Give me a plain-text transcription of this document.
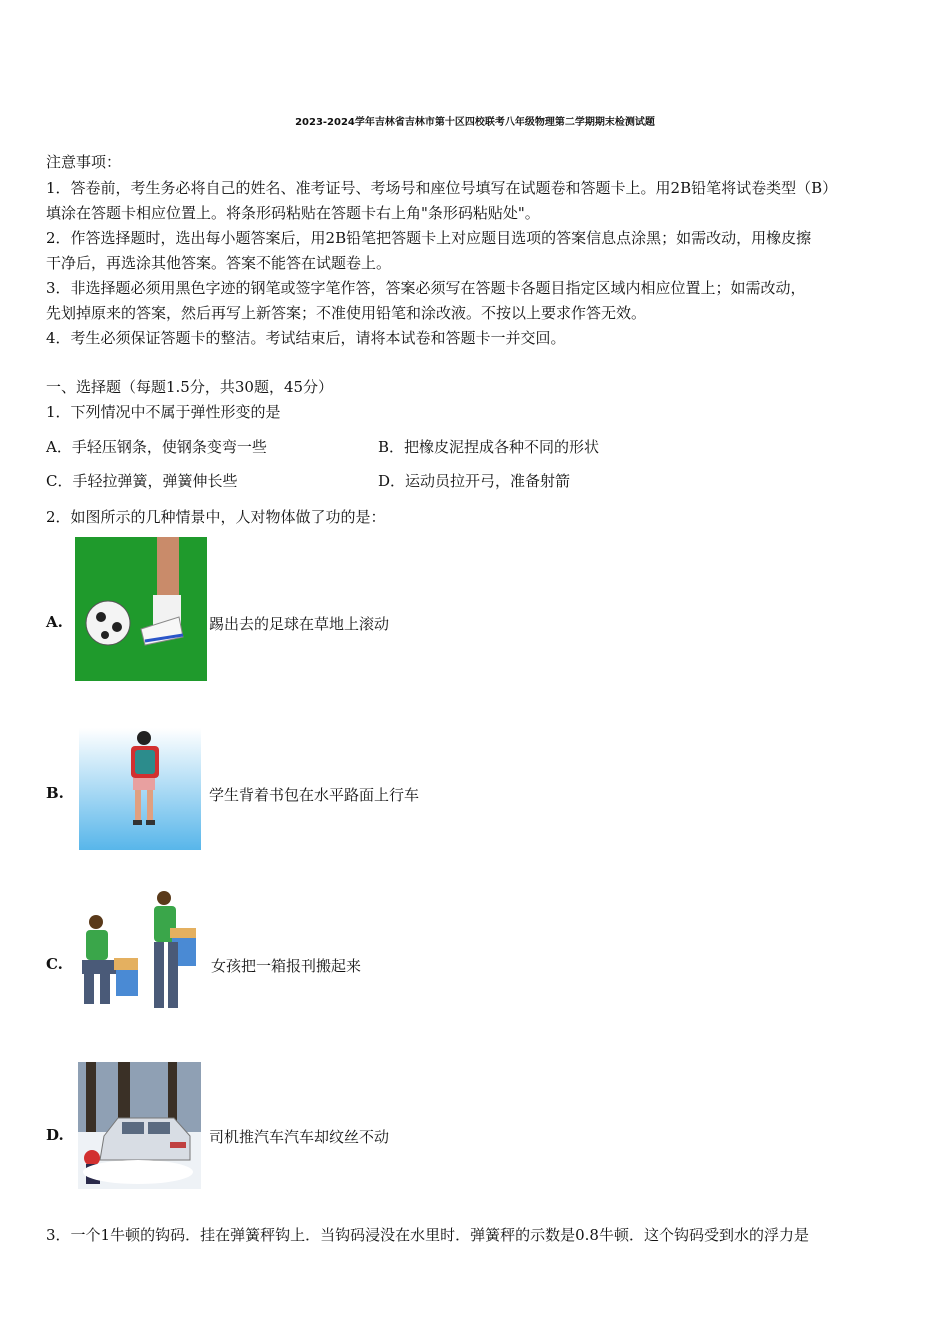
2023-2024学年吉林省吉林市第十区四校联考八年级物理第二学期期末检测试题
注意事项：
1．答卷前，考生务必将自己的姓名、准考证号、考场号和座位号填写在试题卷和答题卡上。用2B铅笔将试卷类型（B）
填涂在答题卡相应位置上。将条形码粘贴在答题卡右上角"条形码粘贴处"。
2．作答选择题时，选出每小题答案后，用2B铅笔把答题卡上对应题目选项的答案信息点涂黑；如需改动，用橡皮擦
干净后，再选涂其他答案。答案不能答在试题卷上。
3．非选择题必须用黑色字迹的钢笔或签字笔作答，答案必须写在答题卡各题目指定区域内相应位置上；如需改动，
先划掉原来的答案，然后再写上新答案；不准使用铅笔和涂改液。不按以上要求作答无效。
4．考生必须保证答题卡的整洁。考试结束后，请将本试卷和答题卡一并交回。
一、选择题（每题1.5分，共30题，45分）
1．下列情况中不属于弹性形变的是
A．手轻压钢条，使钢条变弯一些	B．把橡皮泥捏成各种不同的形状
C．手轻拉弹簧，弹簧伸长些	D．运动员拉开弓，准备射箭
2．如图所示的几种情景中，人对物体做了功的是：
A.	踢出去的足球在草地上滚动
B.	学生背着书包在水平路面上行车
C.	女孩把一箱报刊搬起来
D.	司机推汽车汽车却纹丝不动
3．一个1牛顿的钩码．挂在弹簧秤钩上．当钩码浸没在水里时．弹簧秤的示数是0.8牛顿．这个钩码受到水的浮力是
